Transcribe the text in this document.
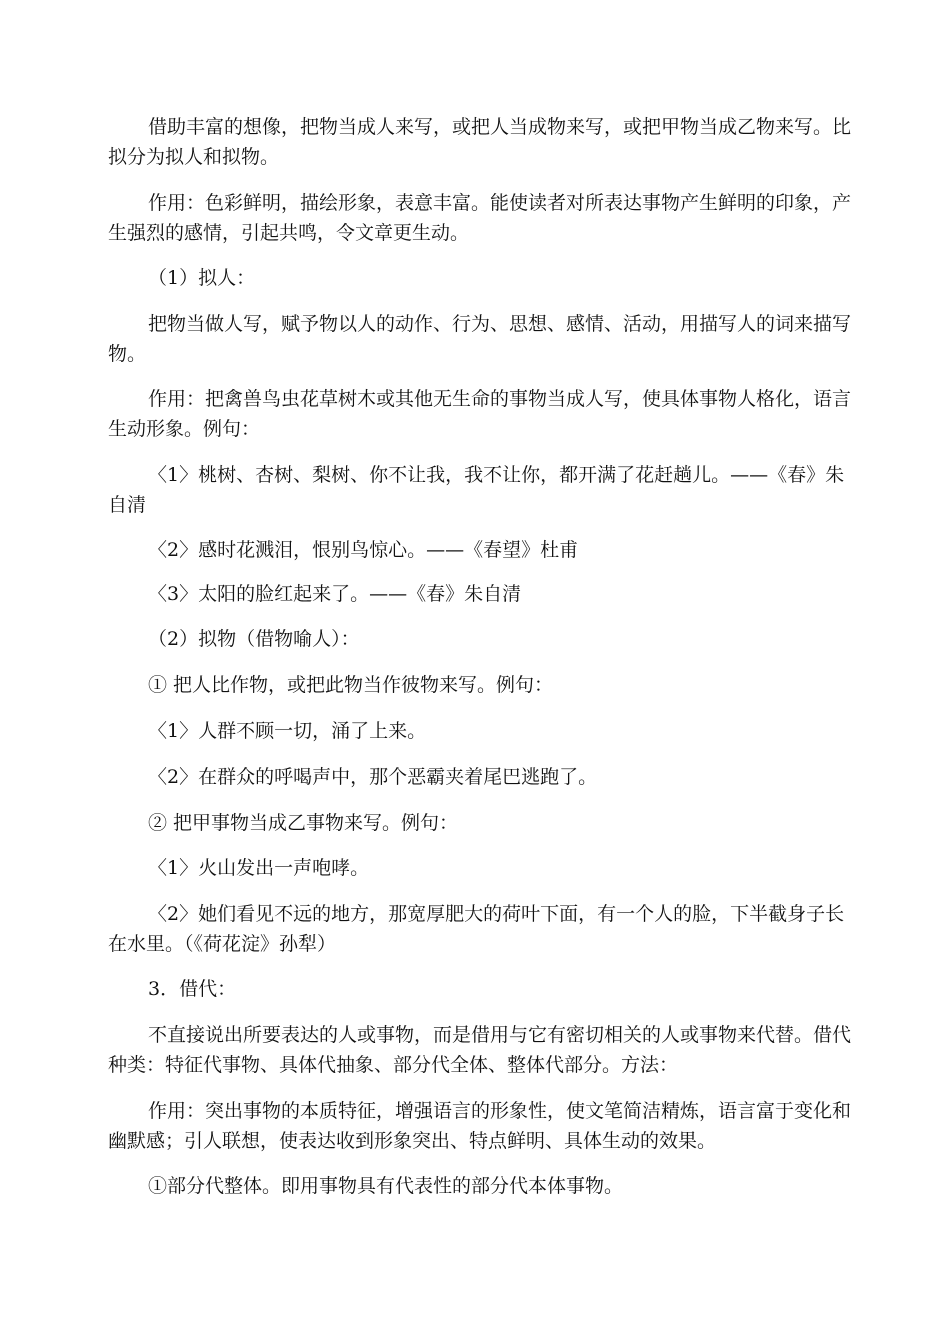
借助丰富的想像，把物当成人来写，或把人当成物来写，或把甲物当成乙物来写。比拟分为拟人和拟物。

作用：色彩鲜明，描绘形象，表意丰富。能使读者对所表达事物产生鲜明的印象，产生强烈的感情，引起共鸣，令文章更生动。

（1）拟人：

把物当做人写，赋予物以人的动作、行为、思想、感情、活动，用描写人的词来描写物。

作用：把禽兽鸟虫花草树木或其他无生命的事物当成人写，使具体事物人格化，语言生动形象。例句：

〈1〉桃树、杏树、梨树、你不让我，我不让你，都开满了花赶趟儿。——《春》朱自清

〈2〉感时花溅泪，恨别鸟惊心。——《春望》杜甫

〈3〉太阳的脸红起来了。——《春》朱自清

（2）拟物（借物喻人）：

① 把人比作物，或把此物当作彼物来写。例句：

〈1〉人群不顾一切，涌了上来。

〈2〉在群众的呼喝声中，那个恶霸夹着尾巴逃跑了。

② 把甲事物当成乙事物来写。例句：

〈1〉火山发出一声咆哮。

〈2〉她们看见不远的地方，那宽厚肥大的荷叶下面，有一个人的脸，下半截身子长在水里。（《荷花淀》孙犁）

3．借代：

不直接说出所要表达的人或事物，而是借用与它有密切相关的人或事物来代替。借代种类：特征代事物、具体代抽象、部分代全体、整体代部分。方法：

作用：突出事物的本质特征，增强语言的形象性，使文笔简洁精炼，语言富于变化和幽默感；引人联想，使表达收到形象突出、特点鲜明、具体生动的效果。

①部分代整体。即用事物具有代表性的部分代本体事物。
